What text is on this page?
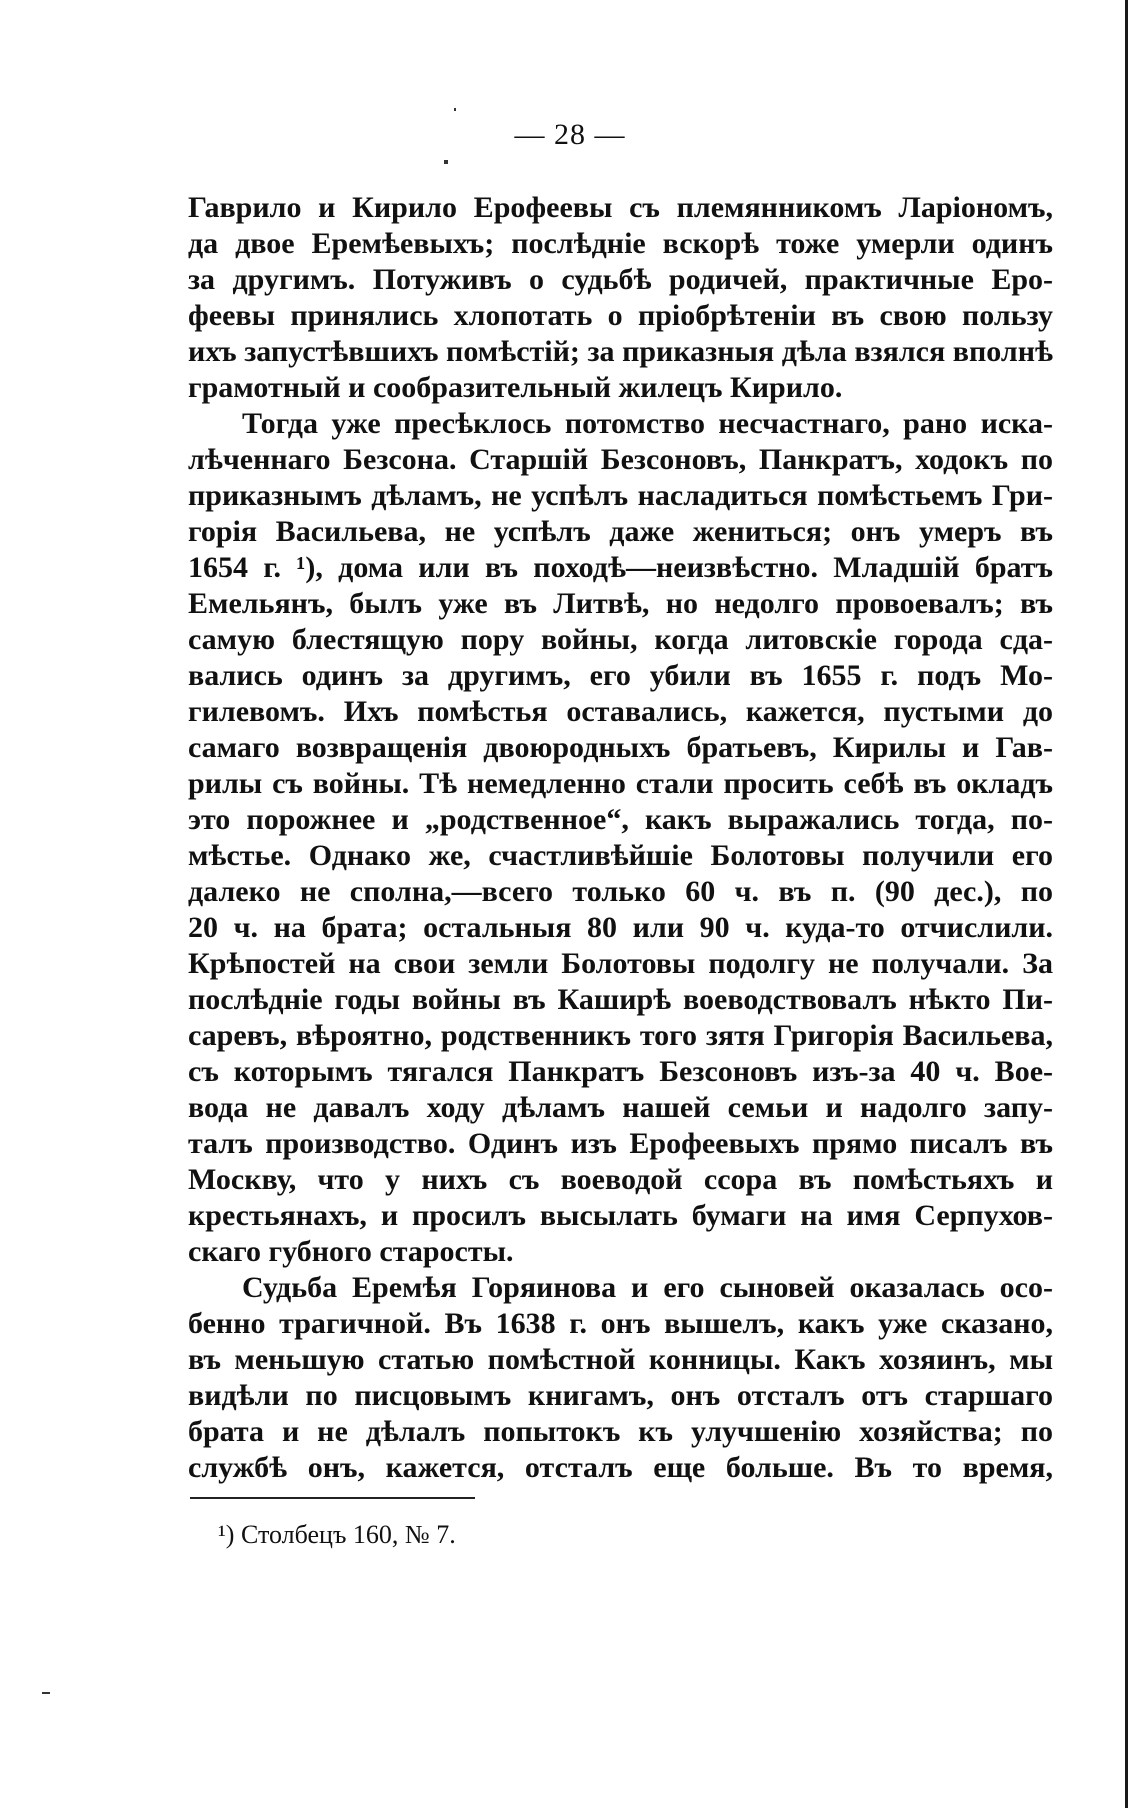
— 28 —

Гаврило и Кирило Ерофеевы съ племянникомъ Ларiономъ,
да двое Еремѣевыхъ; послѣднiе вскорѣ тоже умерли одинъ
за другимъ. Потуживъ о судьбѣ родичей, практичные Еро-
феевы принялись хлопотать о прiобрѣтенiи въ свою пользу
ихъ запустѣвшихъ помѣстiй; за приказныя дѣла взялся вполнѣ
грамотный и сообразительный жилецъ Кирило.

Тогда уже пресѣклось потомство несчастнаго, рано иска-
лѣченнаго Безсона. Старшiй Безсоновъ, Панкратъ, ходокъ по
приказнымъ дѣламъ, не успѣлъ насладиться помѣстьемъ Гри-
горiя Васильева, не успѣлъ даже жениться; онъ умеръ въ
1654 г. ¹), дома или въ походѣ—неизвѣстно. Младшiй братъ
Емельянъ, былъ уже въ Литвѣ, но недолго провоевалъ; въ
самую блестящую пору войны, когда литовскiе города сда-
вались одинъ за другимъ, его убили въ 1655 г. подъ Мо-
гилевомъ. Ихъ помѣстья оставались, кажется, пустыми до
самаго возвращенiя двоюродныхъ братьевъ, Кирилы и Гав-
рилы съ войны. Тѣ немедленно стали просить себѣ въ окладъ
это порожнее и „родственное“, какъ выражались тогда, по-
мѣстье. Однако же, счастливѣйшiе Болотовы получили его
далеко не сполна,—всего только 60 ч. въ п. (90 дес.), по
20 ч. на брата; остальныя 80 или 90 ч. куда-то отчислили.
Крѣпостей на свои земли Болотовы подолгу не получали. За
послѣднiе годы войны въ Каширѣ воеводствовалъ нѣкто Пи-
саревъ, вѣроятно, родственникъ того зятя Григорiя Васильева,
съ которымъ тягался Панкратъ Безсоновъ изъ-за 40 ч. Вое-
вода не давалъ ходу дѣламъ нашей семьи и надолго запу-
талъ производство. Одинъ изъ Ерофеевыхъ прямо писалъ въ
Москву, что у нихъ съ воеводой ссора въ помѣстьяхъ и
крестьянахъ, и просилъ высылать бумаги на имя Серпухов-
скаго губного старосты.

Судьба Еремѣя Горяинова и его сыновей оказалась осо-
бенно трагичной. Въ 1638 г. онъ вышелъ, какъ уже сказано,
въ меньшую статью помѣстной конницы. Какъ хозяинъ, мы
видѣли по писцовымъ книгамъ, онъ отсталъ отъ старшаго
брата и не дѣлалъ попытокъ къ улучшенiю хозяйства; по
службѣ онъ, кажется, отсталъ еще больше. Въ то время,

¹) Столбецъ 160, № 7.
